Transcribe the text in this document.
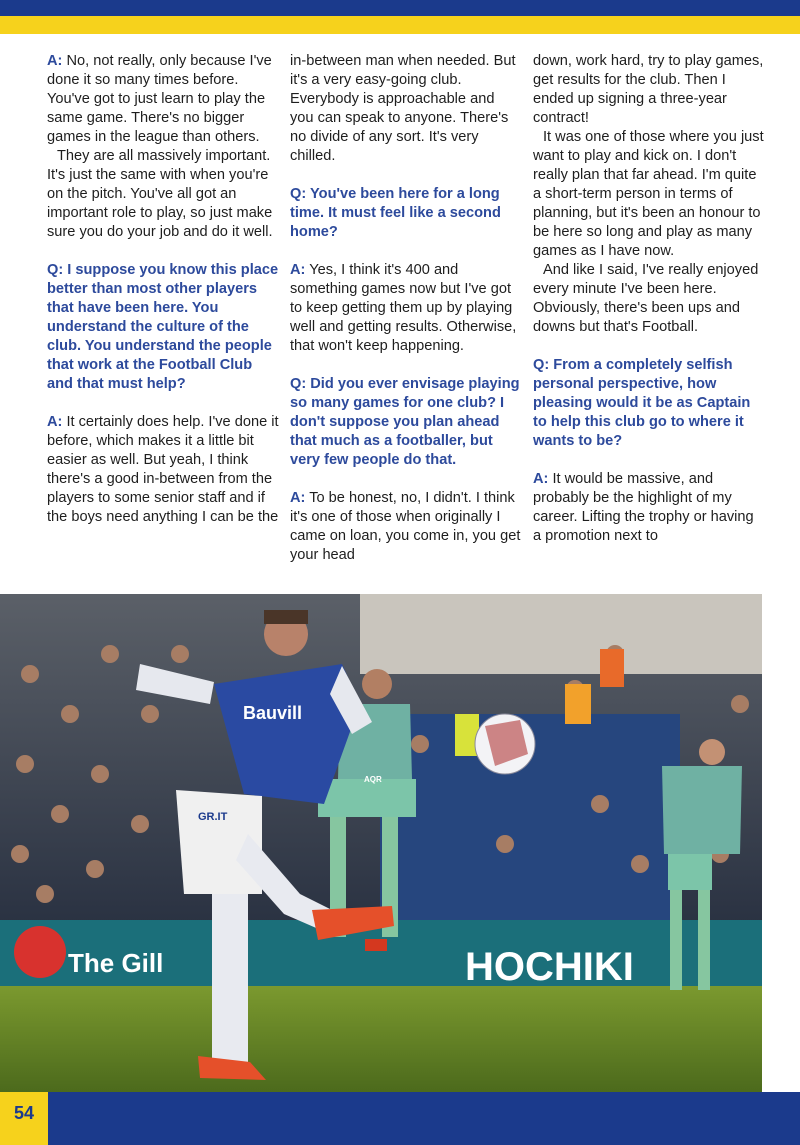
A: No, not really, only because I've done it so many times before. You've got to just learn to play the same game. There's no bigger games in the league than others.

They are all massively important. It's just the same with when you're on the pitch. You've all got an important role to play, so just make sure you do your job and do it well.

Q: I suppose you know this place better than most other players that have been here. You understand the culture of the club. You understand the people that work at the Football Club and that must help?

A: It certainly does help. I've done it before, which makes it a little bit easier as well. But yeah, I think there's a good in-between from the players to some senior staff and if the boys need anything I can be the

in-between man when needed. But it's a very easy-going club. Everybody is approachable and you can speak to anyone. There's no divide of any sort. It's very chilled.

Q: You've been here for a long time. It must feel like a second home?

A: Yes, I think it's 400 and something games now but I've got to keep getting them up by playing well and getting results. Otherwise, that won't keep happening.

Q: Did you ever envisage playing so many games for one club? I don't suppose you plan ahead that much as a footballer, but very few people do that.

A: To be honest, no, I didn't. I think it's one of those when originally I came on loan, you come in, you get your head

down, work hard, try to play games, get results for the club. Then I ended up signing a three-year contract!

It was one of those where you just want to play and kick on. I don't really plan that far ahead. I'm quite a short-term person in terms of planning, but it's been an honour to be here so long and play as many games as I have now.

And like I said, I've really enjoyed every minute I've been here. Obviously, there's been ups and downs but that's Football.

Q: From a completely selfish personal perspective, how pleasing would it be as Captain to help this club go to where it wants to be?

A: It would be massive, and probably be the highlight of my career. Lifting the trophy or having a promotion next to

The Gill	HOCHIKI
AQR
Bauvill
GR.IT
54
